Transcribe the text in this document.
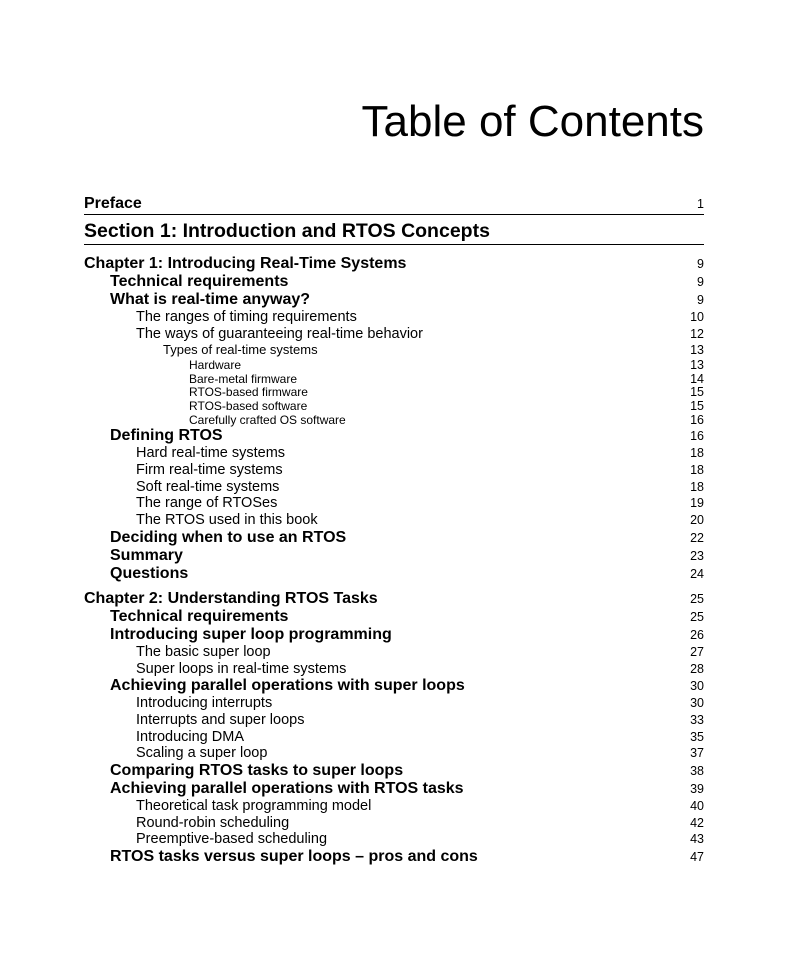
Table of Contents
Preface	1
Section 1: Introduction and RTOS Concepts
Chapter 1: Introducing Real-Time Systems	9
Technical requirements	9
What is real-time anyway?	9
The ranges of timing requirements	10
The ways of guaranteeing real-time behavior	12
Types of real-time systems	13
Hardware	13
Bare-metal firmware	14
RTOS-based firmware	15
RTOS-based software	15
Carefully crafted OS software	16
Defining RTOS	16
Hard real-time systems	18
Firm real-time systems	18
Soft real-time systems	18
The range of RTOSes	19
The RTOS used in this book	20
Deciding when to use an RTOS	22
Summary	23
Questions	24
Chapter 2: Understanding RTOS Tasks	25
Technical requirements	25
Introducing super loop programming	26
The basic super loop	27
Super loops in real-time systems	28
Achieving parallel operations with super loops	30
Introducing interrupts	30
Interrupts and super loops	33
Introducing DMA	35
Scaling a super loop	37
Comparing RTOS tasks to super loops	38
Achieving parallel operations with RTOS tasks	39
Theoretical task programming model	40
Round-robin scheduling	42
Preemptive-based scheduling	43
RTOS tasks versus super loops – pros and cons	47
